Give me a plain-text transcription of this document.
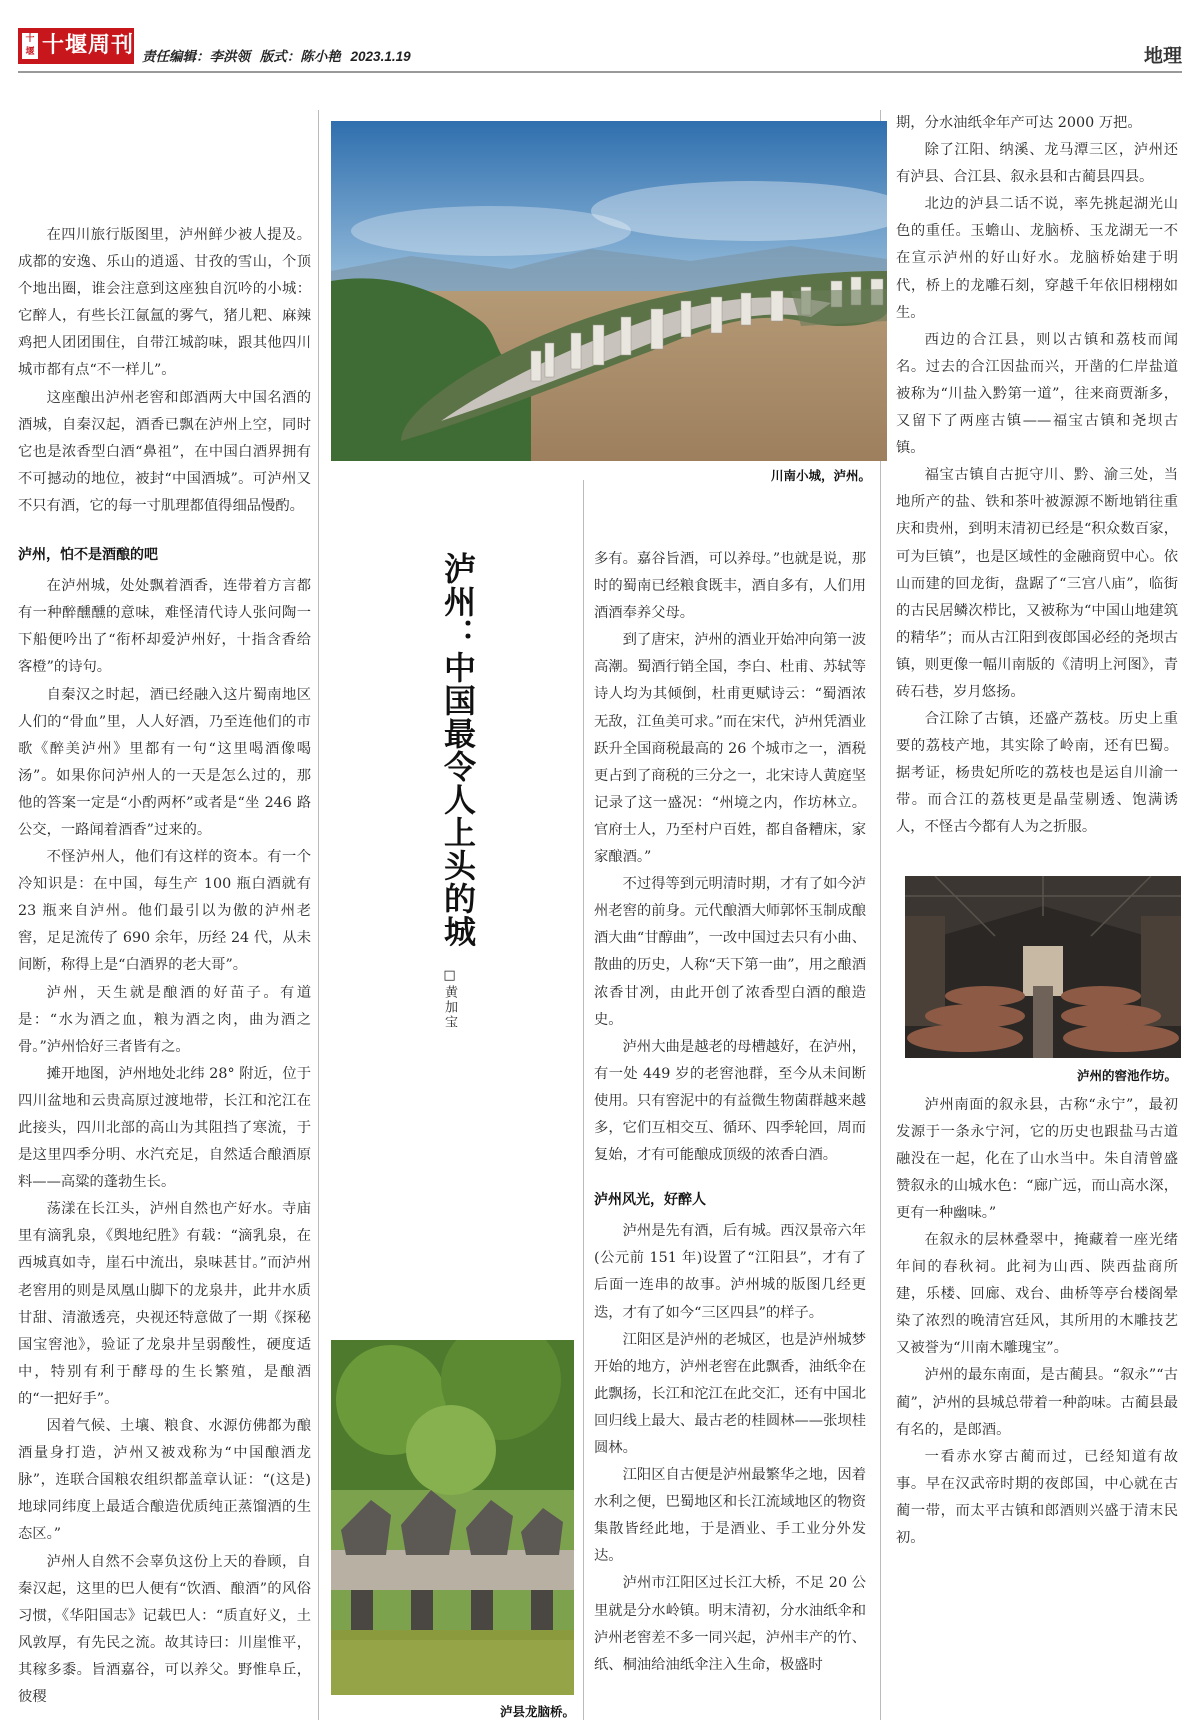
十
堰 十堰周刊 责任编辑：李洪领 版式：陈小艳 2023.1.19	地理
川南小城，泸州。
泸州：中国最令人上头的城
□黄加宝
泸县龙脑桥。
泸州的窖池作坊。

在四川旅行版图里，泸州鲜少被人提及。成都的安逸、乐山的逍遥、甘孜的雪山，个顶个地出圈，谁会注意到这座独自沉吟的小城：它醉人，有些长江氤氲的雾气，猪儿粑、麻辣鸡把人团团围住，自带江城韵味，跟其他四川城市都有点“不一样儿”。

这座酿出泸州老窖和郎酒两大中国名酒的酒城，自秦汉起，酒香已飘在泸州上空，同时它也是浓香型白酒“鼻祖”，在中国白酒界拥有不可撼动的地位，被封“中国酒城”。可泸州又不只有酒，它的每一寸肌理都值得细品慢酌。

泸州，怕不是酒酿的吧

在泸州城，处处飘着酒香，连带着方言都有一种醉醺醺的意味，难怪清代诗人张问陶一下船便吟出了“衔杯却爱泸州好，十指含香给客橙”的诗句。

自秦汉之时起，酒已经融入这片蜀南地区人们的“骨血”里，人人好酒，乃至连他们的市歌《醉美泸州》里都有一句“这里喝酒像喝汤”。如果你问泸州人的一天是怎么过的，那他的答案一定是“小酌两杯”或者是“坐 246 路公交，一路闻着酒香”过来的。

不怪泸州人，他们有这样的资本。有一个冷知识是：在中国，每生产 100 瓶白酒就有 23 瓶来自泸州。他们最引以为傲的泸州老窖，足足流传了 690 余年，历经 24 代，从未间断，称得上是“白酒界的老大哥”。

泸州，天生就是酿酒的好苗子。有道是：“水为酒之血，粮为酒之肉，曲为酒之骨。”泸州恰好三者皆有之。

摊开地图，泸州地处北纬 28° 附近，位于四川盆地和云贵高原过渡地带，长江和沱江在此接头，四川北部的高山为其阻挡了寒流，于是这里四季分明、水汽充足，自然适合酿酒原料——高粱的蓬勃生长。

荡漾在长江头，泸州自然也产好水。寺庙里有滴乳泉，《舆地纪胜》有载：“滴乳泉，在西城真如寺，崖石中流出，泉味甚甘。”而泸州老窖用的则是凤凰山脚下的龙泉井，此井水质甘甜、清澈透亮，央视还特意做了一期《探秘国宝窖池》，验证了龙泉井呈弱酸性，硬度适中，特别有利于酵母的生长繁殖，是酿酒的“一把好手”。

因着气候、土壤、粮食、水源仿佛都为酿酒量身打造，泸州又被戏称为“中国酿酒龙脉”，连联合国粮农组织都盖章认证：“(这是)地球同纬度上最适合酿造优质纯正蒸馏酒的生态区。”

泸州人自然不会辜负这份上天的眷顾，自秦汉起，这里的巴人便有“饮酒、酿酒”的风俗习惯，《华阳国志》记载巴人：“质直好义，土风敦厚，有先民之流。故其诗曰：川崖惟平，其稼多黍。旨酒嘉谷，可以养父。野惟阜丘，彼稷

多有。嘉谷旨酒，可以养母。”也就是说，那时的蜀南已经粮食既丰，酒自多有，人们用酒酒奉养父母。

到了唐宋，泸州的酒业开始冲向第一波高潮。蜀酒行销全国，李白、杜甫、苏轼等诗人均为其倾倒，杜甫更赋诗云：“蜀酒浓无敌，江鱼美可求。”而在宋代，泸州凭酒业跃升全国商税最高的 26 个城市之一，酒税更占到了商税的三分之一，北宋诗人黄庭坚记录了这一盛况：“州境之内，作坊林立。官府士人，乃至村户百姓，都自备糟床，家家酿酒。”

不过得等到元明清时期，才有了如今泸州老窖的前身。元代酿酒大师郭怀玉制成酿酒大曲“甘醇曲”，一改中国过去只有小曲、散曲的历史，人称“天下第一曲”，用之酿酒浓香甘冽，由此开创了浓香型白酒的酿造史。

泸州大曲是越老的母槽越好，在泸州，有一处 449 岁的老窖池群，至今从未间断使用。只有窖泥中的有益微生物菌群越来越多，它们互相交互、循环、四季轮回，周而复始，才有可能酿成顶级的浓香白酒。

泸州风光，好醉人

泸州是先有酒，后有城。西汉景帝六年(公元前 151 年)设置了“江阳县”，才有了后面一连串的故事。泸州城的版图几经更迭，才有了如今“三区四县”的样子。

江阳区是泸州的老城区，也是泸州城梦开始的地方，泸州老窖在此飘香，油纸伞在此飘扬，长江和沱江在此交汇，还有中国北回归线上最大、最古老的桂圆林——张坝桂圆林。

江阳区自古便是泸州最繁华之地，因着水利之便，巴蜀地区和长江流域地区的物资集散皆经此地，于是酒业、手工业分外发达。

泸州市江阳区过长江大桥，不足 20 公里就是分水岭镇。明末清初，分水油纸伞和泸州老窖差不多一同兴起，泸州丰产的竹、纸、桐油给油纸伞注入生命，极盛时

期，分水油纸伞年产可达 2000 万把。

除了江阳、纳溪、龙马潭三区，泸州还有泸县、合江县、叙永县和古蔺县四县。

北边的泸县二话不说，率先挑起湖光山色的重任。玉蟾山、龙脑桥、玉龙湖无一不在宣示泸州的好山好水。龙脑桥始建于明代，桥上的龙雕石刻，穿越千年依旧栩栩如生。

西边的合江县，则以古镇和荔枝而闻名。过去的合江因盐而兴，开凿的仁岸盐道被称为“川盐入黔第一道”，往来商贾渐多，又留下了两座古镇——福宝古镇和尧坝古镇。

福宝古镇自古扼守川、黔、渝三处，当地所产的盐、铁和茶叶被源源不断地销往重庆和贵州，到明末清初已经是“积众数百家，可为巨镇”，也是区域性的金融商贸中心。依山而建的回龙街，盘踞了“三宫八庙”，临街的古民居鳞次栉比，又被称为“中国山地建筑的精华”；而从古江阳到夜郎国必经的尧坝古镇，则更像一幅川南版的《清明上河图》，青砖石巷，岁月悠扬。

合江除了古镇，还盛产荔枝。历史上重要的荔枝产地，其实除了岭南，还有巴蜀。据考证，杨贵妃所吃的荔枝也是运自川渝一带。而合江的荔枝更是晶莹剔透、饱满诱人，不怪古今都有人为之折服。

泸州南面的叙永县，古称“永宁”，最初发源于一条永宁河，它的历史也跟盐马古道融没在一起，化在了山水当中。朱自清曾盛赞叙永的山城水色：“廊广远，而山高水深，更有一种幽味。”

在叙永的层林叠翠中，掩藏着一座光绪年间的春秋祠。此祠为山西、陕西盐商所建，乐楼、回廊、戏台、曲桥等亭台楼阁晕染了浓烈的晚清宫廷风，其所用的木雕技艺又被誉为“川南木雕瑰宝”。

泸州的最东南面，是古蔺县。“叙永”“古蔺”，泸州的县城总带着一种韵味。古蔺县最有名的，是郎酒。

一看赤水穿古蔺而过，已经知道有故事。早在汉武帝时期的夜郎国，中心就在古蔺一带，而太平古镇和郎酒则兴盛于清末民初。
